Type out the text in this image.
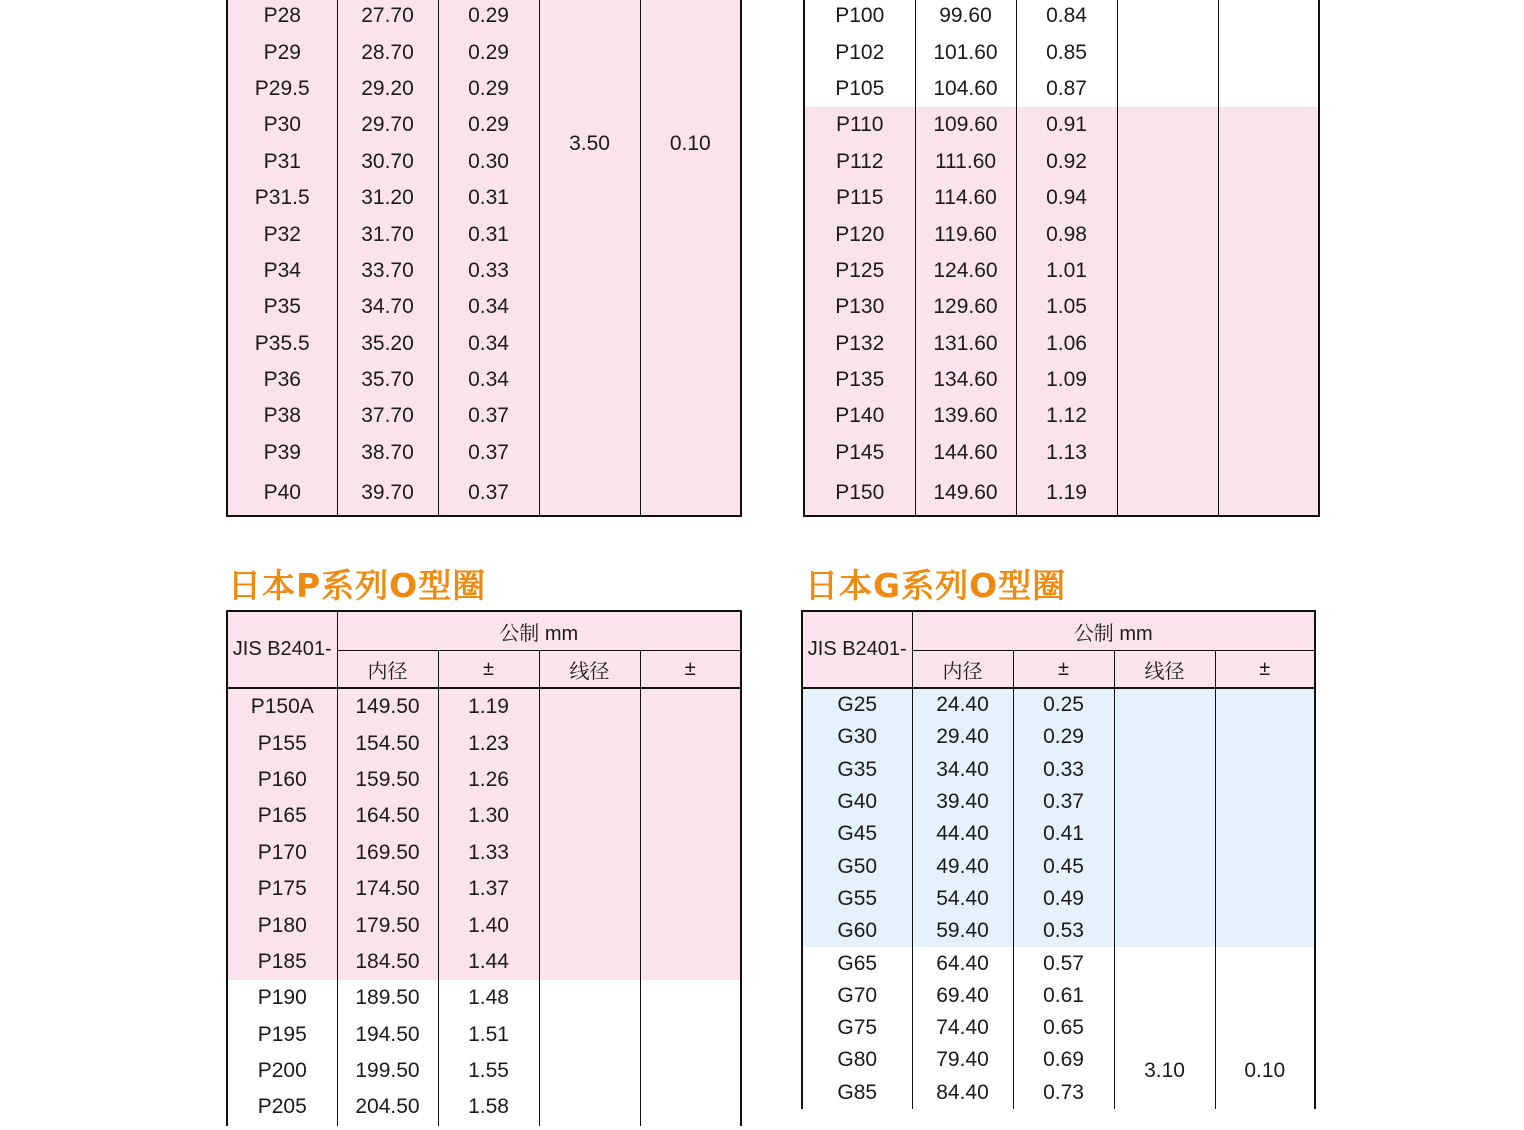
P28	27.70	0.29	3.50	0.10
P29	28.70	0.29		
P29.5	29.20	0.29		
P30	29.70	0.29		
P31	30.70	0.30		
P31.5	31.20	0.31		
P32	31.70	0.31		
P34	33.70	0.33		
P35	34.70	0.34		
P35.5	35.20	0.34		
P36	35.70	0.34		
P38	37.70	0.37		
P39	38.70	0.37		
P40	39.70	0.37		
P100	99.60	0.84		
P102	101.60	0.85		
P105	104.60	0.87		
P110	109.60	0.91		
P112	111.60	0.92		
P115	114.60	0.94		
P120	119.60	0.98		
P125	124.60	1.01		
P130	129.60	1.05		
P132	131.60	1.06		
P135	134.60	1.09		
P140	139.60	1.12		
P145	144.60	1.13		
P150	149.60	1.19		
日本P系列O型圈	日本G系列O型圈
JIS B2401-	公制 mm			
	内径	±	线径	±
P150A	149.50	1.19		
P155	154.50	1.23		
P160	159.50	1.26		
P165	164.50	1.30		
P170	169.50	1.33		
P175	174.50	1.37		
P180	179.50	1.40		
P185	184.50	1.44		
P190	189.50	1.48		
P195	194.50	1.51		
P200	199.50	1.55		
P205	204.50	1.58		
JIS B2401-	公制 mm			
	内径	±	线径	±
G25	24.40	0.25		
G30	29.40	0.29		
G35	34.40	0.33		
G40	39.40	0.37		
G45	44.40	0.41		
G50	49.40	0.45		
G55	54.40	0.49		
G60	59.40	0.53		
G65	64.40	0.57	3.10	0.10
G70	69.40	0.61		
G75	74.40	0.65		
G80	79.40	0.69		
G85	84.40	0.73		
